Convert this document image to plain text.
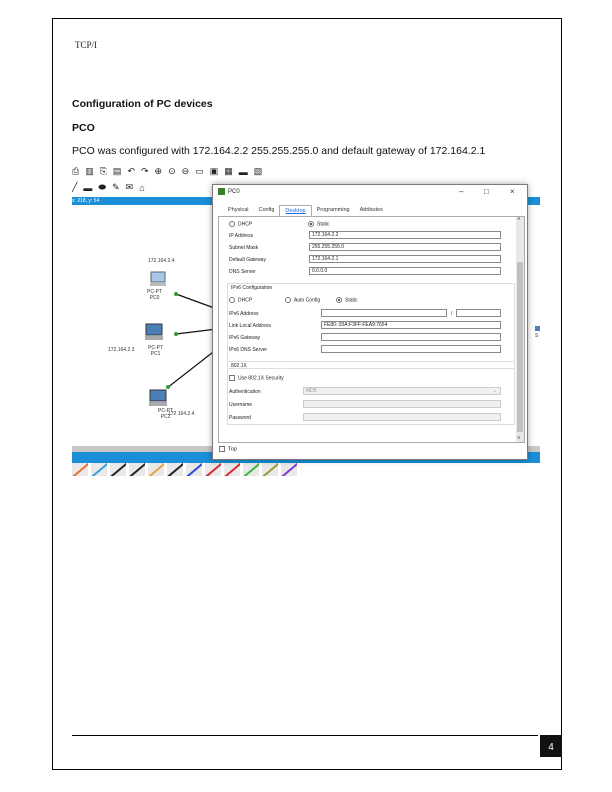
TCP/I
Configuration of PC devices
PCO
PCO was configured with 172.164.2.2 255.255.255.0 and default gateway of 172.164.2.1
⎙ ▥ ⎘ ▤ ↶ ↷ ⊕ ⊙ ⊖ ▭ ▣ ▦ ▬ ▧
╱ ▬ ⬬ ✎ ✉ ⌂
x: 218, y: 54
172.164.2.4
PC-PT
PC0
172.164.2.3	PC-PT
PC1
PC-PT
PC2
172.164.2.4
S
PC0	–	□	×
Physical	Config	Desktop	Programming	Attributes
DHCP	Static
IP Address	172.164.2.2
Subnet Mask	255.255.255.0
Default Gateway	172.164.2.1
DNS Server	0.0.0.0
IPv6 Configuration
DHCP	Auto Config	Static
IPv6 Address	/
Link Local Address	FE80::20A:F3FF:FEA9:7654
IPv6 Gateway
IPv6 DNS Server
802.1X
Use 802.1X Security
Authentication	MD5	⌄
Username
Password
˄
˅
Top
4
